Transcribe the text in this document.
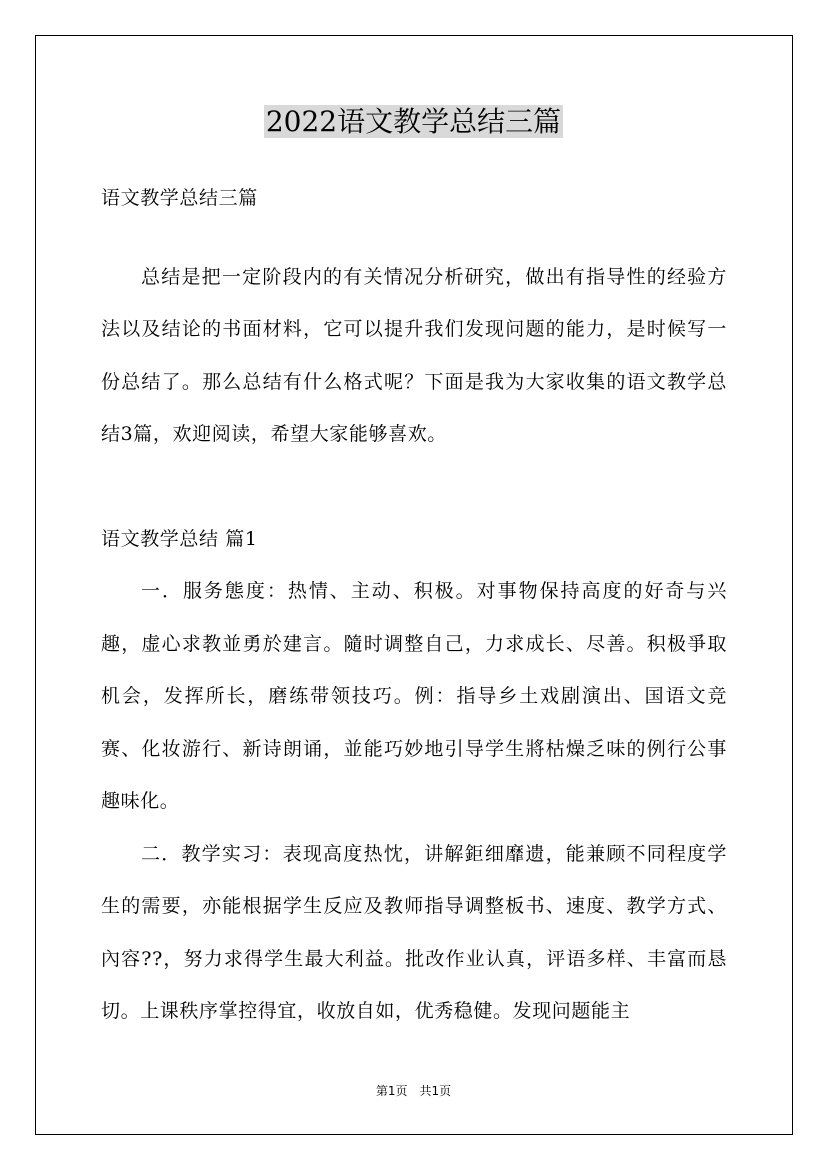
2022语文教学总结三篇

语文教学总结三篇

总结是把一定阶段内的有关情况分析研究，做出有指导性的经验方法以及结论的书面材料，它可以提升我们发现问题的能力，是时候写一份总结了。那么总结有什么格式呢？下面是我为大家收集的语文教学总结3篇，欢迎阅读，希望大家能够喜欢。

语文教学总结 篇1

一．服务態度：热情、主动、积极。对事物保持高度的好奇与兴趣，虚心求教並勇於建言。隨时调整自己，力求成长、尽善。积极爭取机会，发挥所长，磨练带领技巧。例：指导乡土戏剧演出、国语文竞赛、化妆游行、新诗朗诵，並能巧妙地引导学生將枯燥乏味的例行公事趣味化。

二．教学实习：表现高度热忱，讲解鉅细靡遗，能兼顾不同程度学生的需要，亦能根据学生反应及教师指导调整板书、速度、教学方式、內容??，努力求得学生最大利益。批改作业认真，评语多样、丰富而恳切。上课秩序掌控得宜，收放自如，优秀稳健。发现问题能主

第1页　共1页
